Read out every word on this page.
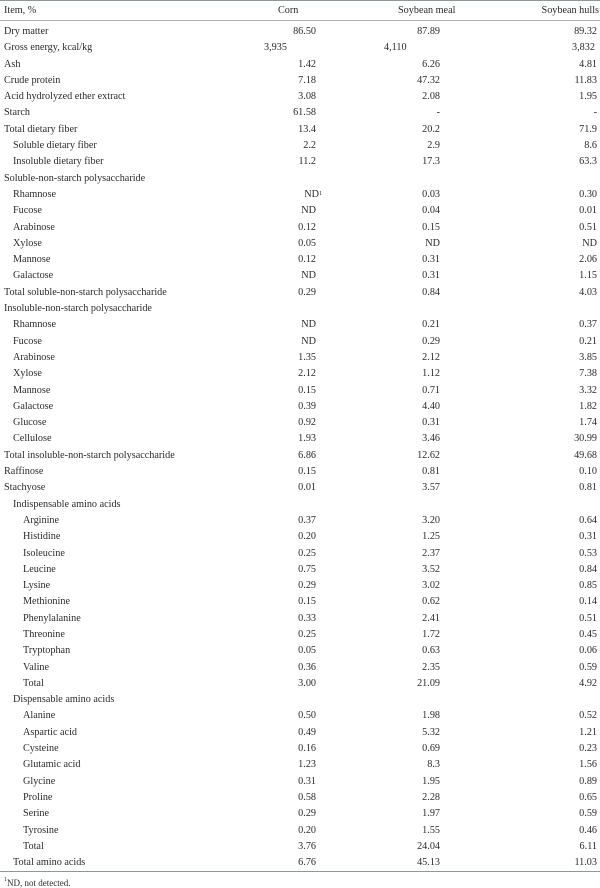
Item, %	Corn	Soybean meal	Soybean hulls
Dry matter	86.50	87.89	89.32
Gross energy, kcal/kg	3,935	4,110	3,832
Ash	1.42	6.26	4.81
Crude protein	7.18	47.32	11.83
Acid hydrolyzed ether extract	3.08	2.08	1.95
Starch	61.58	-	-
Total dietary fiber	13.4	20.2	71.9
Soluble dietary fiber	2.2	2.9	8.6
Insoluble dietary fiber	11.2	17.3	63.3
Soluble-non-starch polysaccharide			
Rhamnose	$ND^1$	0.03	0.30
Fucose	ND	0.04	0.01
Arabinose	0.12	0.15	0.51
Xylose	0.05	ND	ND
Mannose	0.12	0.31	2.06
Galactose	ND	0.31	1.15
Total soluble-non-starch polysaccharide	0.29	0.84	4.03
Insoluble-non-starch polysaccharide			
Rhamnose	ND	0.21	0.37
Fucose	ND	0.29	0.21
Arabinose	1.35	2.12	3.85
Xylose	2.12	1.12	7.38
Mannose	0.15	0.71	3.32
Galactose	0.39	4.40	1.82
Glucose	0.92	0.31	1.74
Cellulose	1.93	3.46	30.99
Total insoluble-non-starch polysaccharide	6.86	12.62	49.68
Raffinose	0.15	0.81	0.10
Stachyose	0.01	3.57	0.81
Indispensable amino acids			
Arginine	0.37	3.20	0.64
Histidine	0.20	1.25	0.31
Isoleucine	0.25	2.37	0.53
Leucine	0.75	3.52	0.84
Lysine	0.29	3.02	0.85
Methionine	0.15	0.62	0.14
Phenylalanine	0.33	2.41	0.51
Threonine	0.25	1.72	0.45
Tryptophan	0.05	0.63	0.06
Valine	0.36	2.35	0.59
Total	3.00	21.09	4.92
Dispensable amino acids			
Alanine	0.50	1.98	0.52
Aspartic acid	0.49	5.32	1.21
Cysteine	0.16	0.69	0.23
Glutamic acid	1.23	8.3	1.56
Glycine	0.31	1.95	0.89
Proline	0.58	2.28	0.65
Serine	0.29	1.97	0.59
Tyrosine	0.20	1.55	0.46
Total	3.76	24.04	6.11
Total amino acids	6.76	45.13	11.03
$^1$ND, not detected.
